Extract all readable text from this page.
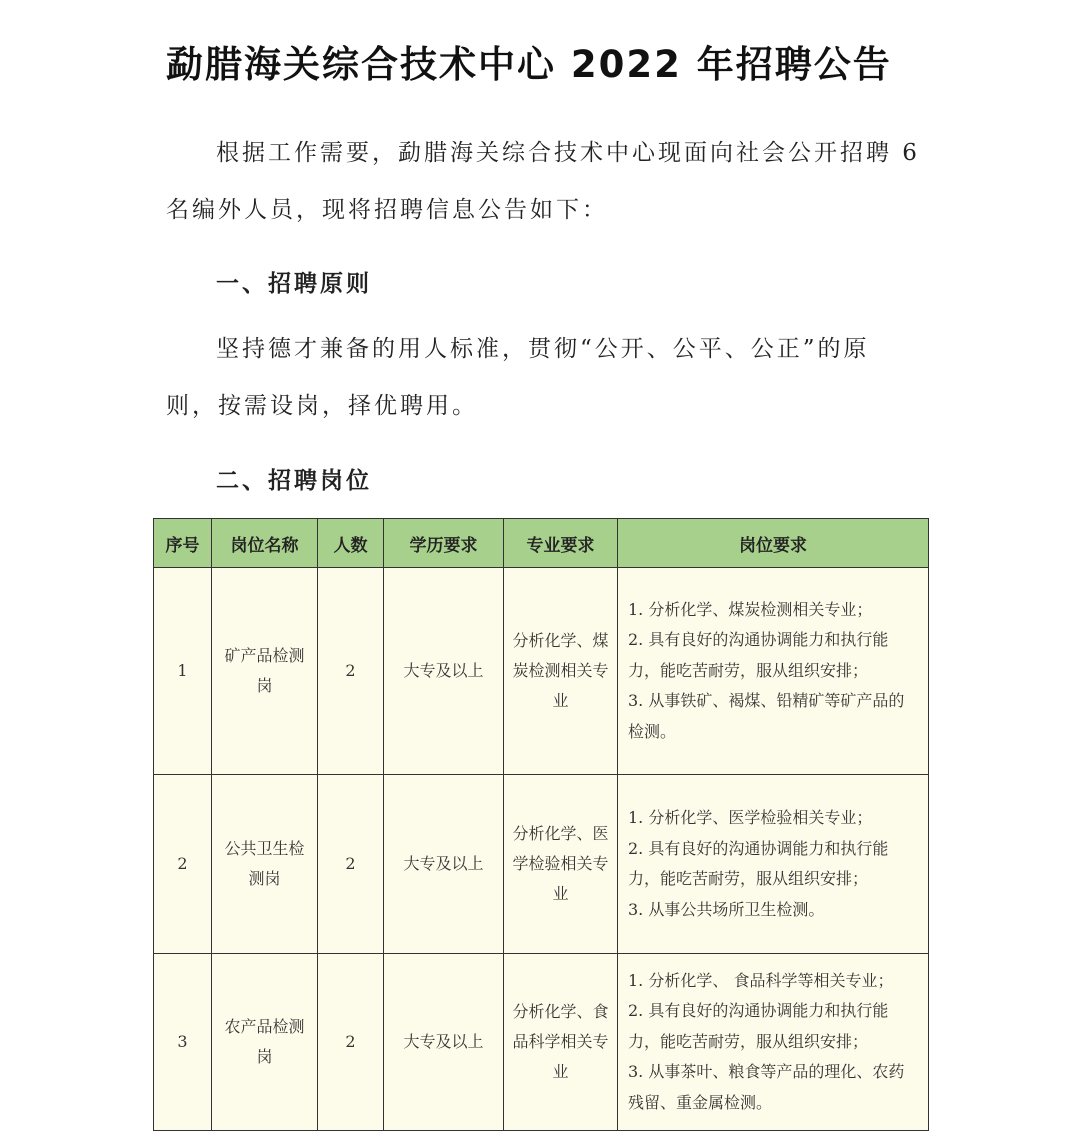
勐腊海关综合技术中心 2022 年招聘公告
根据工作需要，勐腊海关综合技术中心现面向社会公开招聘 6 名编外人员，现将招聘信息公告如下：
一、招聘原则
坚持德才兼备的用人标准，贯彻“公开、公平、公正”的原则，按需设岗，择优聘用。
二、招聘岗位
序号	岗位名称	人数	学历要求	专业要求	岗位要求
1	矿产品检测岗	2	大专及以上	分析化学、煤炭检测相关专业	1. 分析化学、煤炭检测相关专业；
2. 具有良好的沟通协调能力和执行能力，能吃苦耐劳，服从组织安排；
3. 从事铁矿、褐煤、铅精矿等矿产品的检测。

2	公共卫生检测岗	2	大专及以上	分析化学、医学检验相关专业	1. 分析化学、医学检验相关专业；
2. 具有良好的沟通协调能力和执行能力，能吃苦耐劳，服从组织安排；
3. 从事公共场所卫生检测。

3	农产品检测岗	2	大专及以上	分析化学、食品科学相关专业	1. 分析化学、 食品科学等相关专业；
2. 具有良好的沟通协调能力和执行能力，能吃苦耐劳，服从组织安排；
3. 从事茶叶、粮食等产品的理化、农药残留、重金属检测。
